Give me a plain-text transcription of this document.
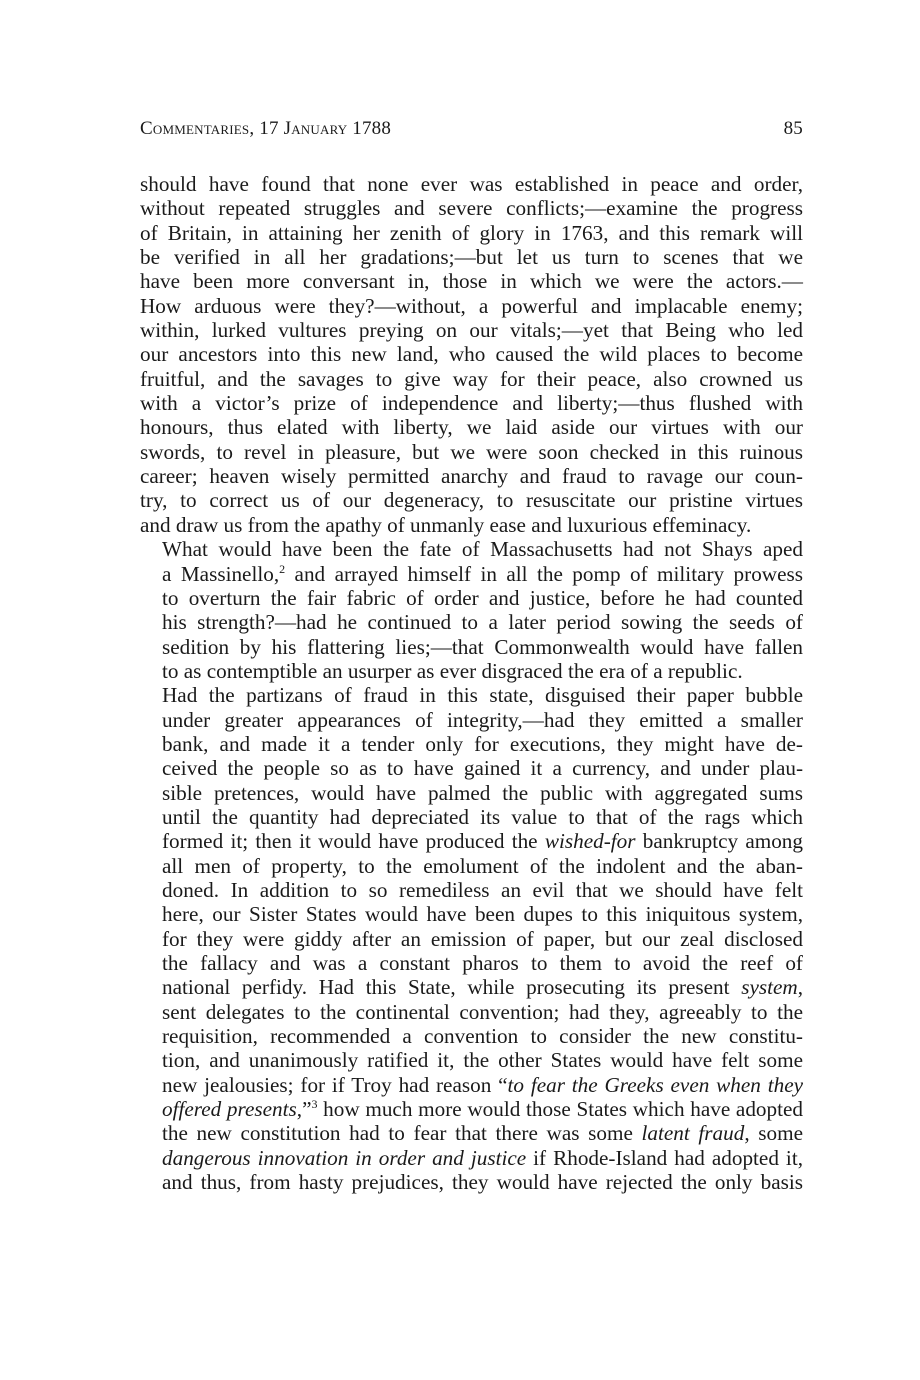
Commentaries, 17 January 1788	85
should have found that none ever was established in peace and order,
without repeated struggles and severe conflicts;—examine the progress
of Britain, in attaining her zenith of glory in 1763, and this remark will
be verified in all her gradations;—but let us turn to scenes that we
have been more conversant in, those in which we were the actors.—
How arduous were they?—without, a powerful and implacable enemy;
within, lurked vultures preying on our vitals;—yet that Being who led
our ancestors into this new land, who caused the wild places to become
fruitful, and the savages to give way for their peace, also crowned us
with a victor’s prize of independence and liberty;—thus flushed with
honours, thus elated with liberty, we laid aside our virtues with our
swords, to revel in pleasure, but we were soon checked in this ruinous
career; heaven wisely permitted anarchy and fraud to ravage our coun-
try, to correct us of our degeneracy, to resuscitate our pristine virtues
and draw us from the apathy of unmanly ease and luxurious effeminacy.
What would have been the fate of Massachusetts had not Shays aped
a Massinello,$^2$ and arrayed himself in all the pomp of military prowess
to overturn the fair fabric of order and justice, before he had counted
his strength?—had he continued to a later period sowing the seeds of
sedition by his flattering lies;—that Commonwealth would have fallen
to as contemptible an usurper as ever disgraced the era of a republic.
Had the partizans of fraud in this state, disguised their paper bubble
under greater appearances of integrity,—had they emitted a smaller
bank, and made it a tender only for executions, they might have de-
ceived the people so as to have gained it a currency, and under plau-
sible pretences, would have palmed the public with aggregated sums
until the quantity had depreciated its value to that of the rags which
formed it; then it would have produced the wished-for bankruptcy among
all men of property, to the emolument of the indolent and the aban-
doned. In addition to so remediless an evil that we should have felt
here, our Sister States would have been dupes to this iniquitous system,
for they were giddy after an emission of paper, but our zeal disclosed
the fallacy and was a constant pharos to them to avoid the reef of
national perfidy. Had this State, while prosecuting its present system,
sent delegates to the continental convention; had they, agreeably to the
requisition, recommended a convention to consider the new constitu-
tion, and unanimously ratified it, the other States would have felt some
new jealousies; for if Troy had reason “to fear the Greeks even when they
offered presents,”$^3$ how much more would those States which have adopted
the new constitution had to fear that there was some latent fraud, some
dangerous innovation in order and justice if Rhode-Island had adopted it,
and thus, from hasty prejudices, they would have rejected the only basis
